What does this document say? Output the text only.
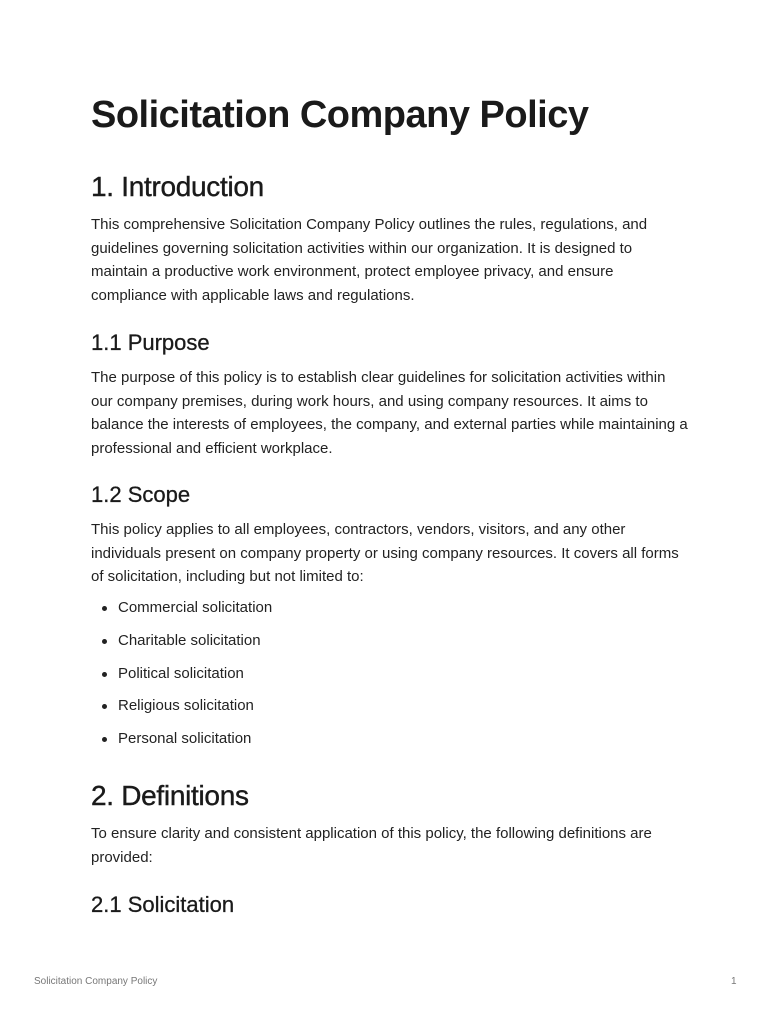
Solicitation Company Policy
1. Introduction

This comprehensive Solicitation Company Policy outlines the rules, regulations, and guidelines governing solicitation activities within our organization. It is designed to maintain a productive work environment, protect employee privacy, and ensure compliance with applicable laws and regulations.

1.1 Purpose

The purpose of this policy is to establish clear guidelines for solicitation activities within our company premises, during work hours, and using company resources. It aims to balance the interests of employees, the company, and external parties while maintaining a professional and efficient workplace.

1.2 Scope

This policy applies to all employees, contractors, vendors, visitors, and any other individuals present on company property or using company resources. It covers all forms of solicitation, including but not limited to:

Commercial solicitation
Charitable solicitation
Political solicitation
Religious solicitation
Personal solicitation
2. Definitions

To ensure clarity and consistent application of this policy, the following definitions are provided:

2.1 Solicitation
Solicitation Company Policy	1
